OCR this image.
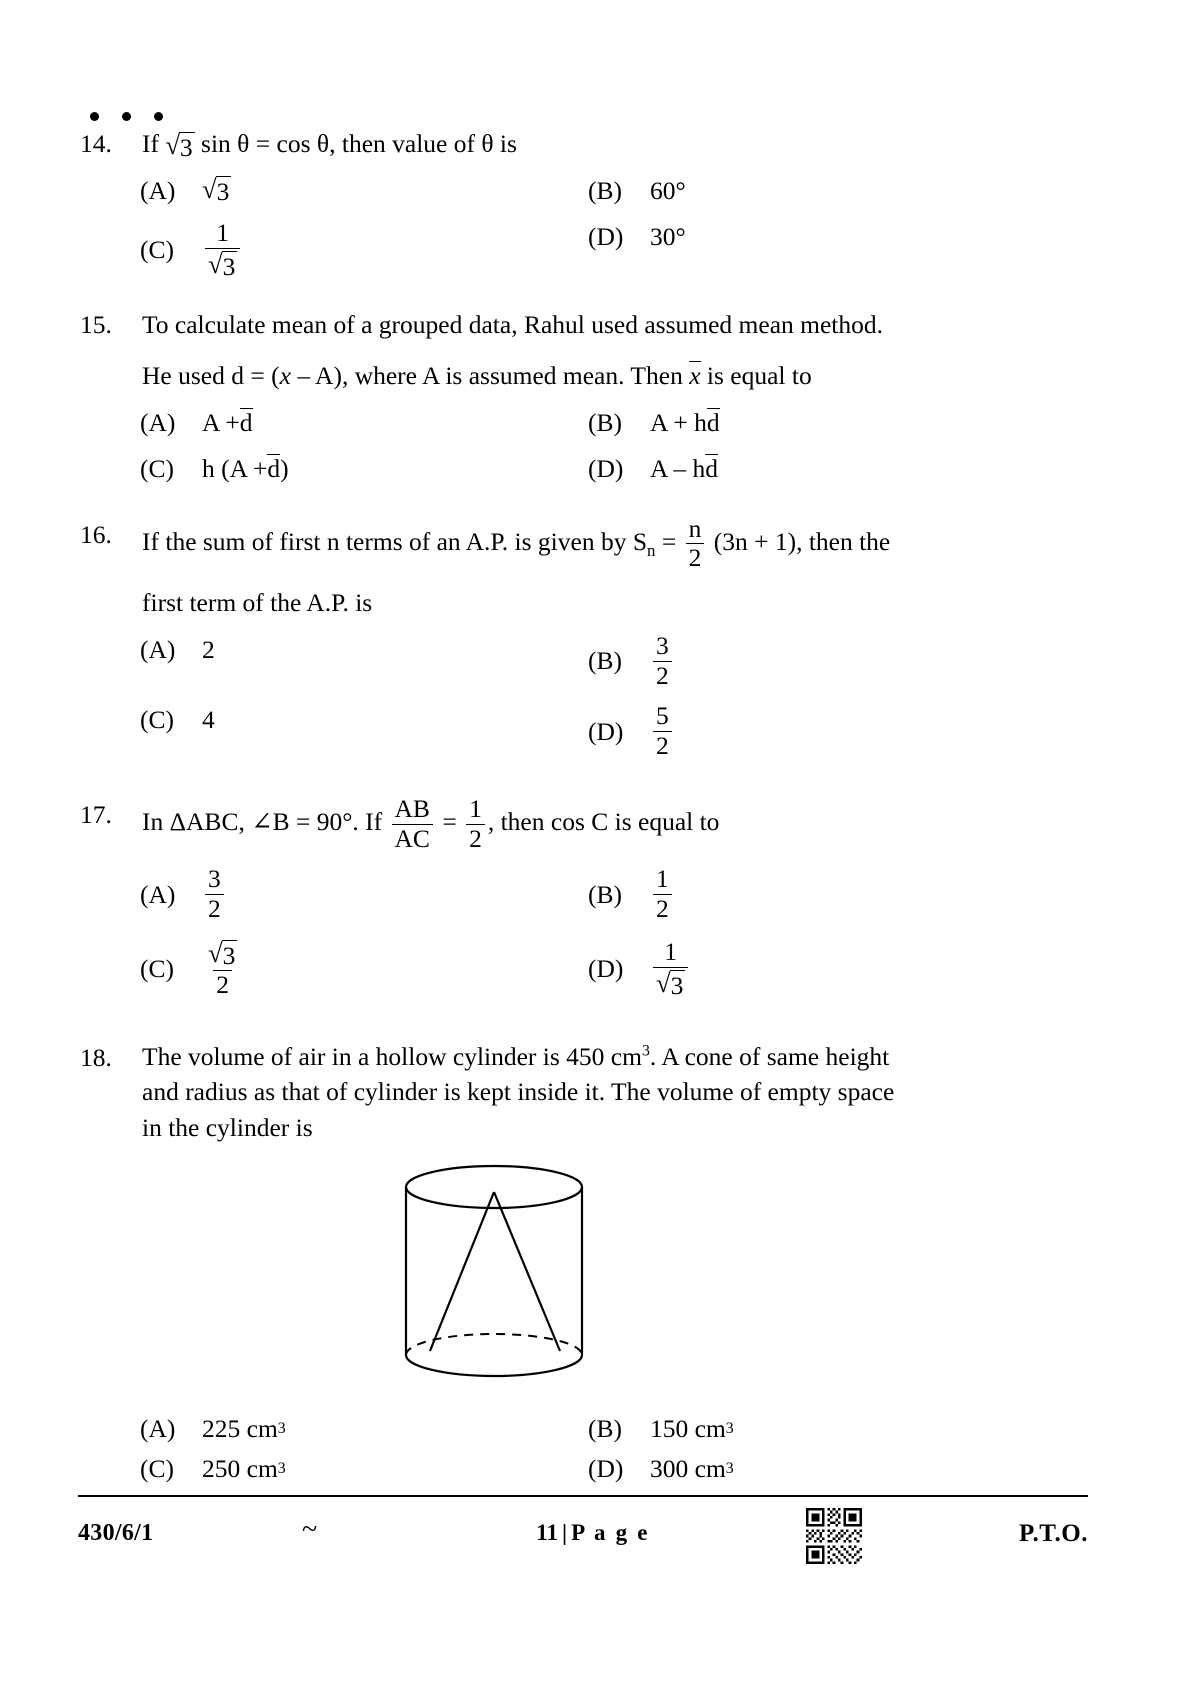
14.	If √ 3 sin θ = cos θ, then value of θ is
(A)	√ 3	(B)	60°
(C)	$\frac{1}{√ 3}$	(D)	30°
15.	To calculate mean of a grouped data, Rahul used assumed mean method.

He used d = (x – A), where A is assumed mean. Then x is equal to

(A)	A + d	(B)	A + h d
(C)	h (A + d )	(D)	A – h d
16.	If the sum of first n terms of an A.P. is given by $S_n = \frac{n}{2} (3n + 1)$, then the

first term of the A.P. is

(A)	2	(B)	$\frac{3}{2}$
(C)	4	(D)	$\frac{5}{2}$
17.	In ΔABC, ∠B = 90°. If $\frac{AB}{AC} = \frac{1}{2}$ , then cos C is equal to

(A)	$\frac{3}{2}$	(B)	$\frac{1}{2}$
(C)	$\frac{√ 3}{2}$	(D)	$\frac{1}{√ 3}$
18.	The volume of air in a hollow cylinder is 450 $cm^3$. A cone of same height

and radius as that of cylinder is kept inside it. The volume of empty space

in the cylinder is

(A)	225 cm 3	(B)	150 cm 3
(C)	250 cm 3	(D)	300 cm 3
430/6/1	~	11 | P a g e	P.T.O.
